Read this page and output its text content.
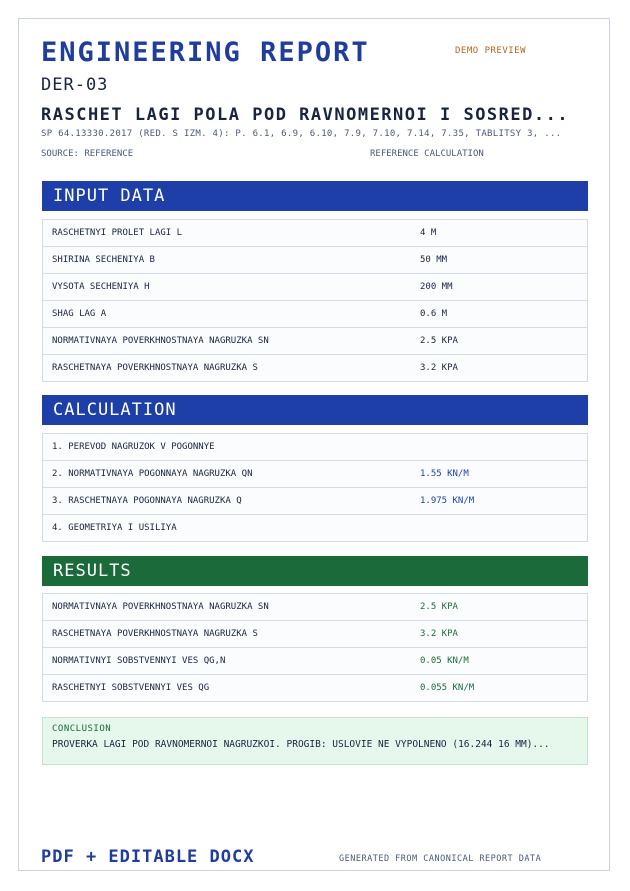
ENGINEERING REPORT	DEMO PREVIEW
DER-03
RASCHET LAGI POLA POD RAVNOMERNOI I SOSRED...
SP 64.13330.2017 (RED. S IZM. 4): P. 6.1, 6.9, 6.10, 7.9, 7.10, 7.14, 7.35, TABLITSY 3, ...
SOURCE: REFERENCE	REFERENCE CALCULATION
INPUT DATA
RASCHETNYI PROLET LAGI L	4 M
SHIRINA SECHENIYA B	50 MM
VYSOTA SECHENIYA H	200 MM
SHAG LAG A	0.6 M
NORMATIVNAYA POVERKHNOSTNAYA NAGRUZKA SN	2.5 KPA
RASCHETNAYA POVERKHNOSTNAYA NAGRUZKA S	3.2 KPA
CALCULATION
1. PEREVOD NAGRUZOK V POGONNYE
2. NORMATIVNAYA POGONNAYA NAGRUZKA QN	1.55 KN/M
3. RASCHETNAYA POGONNAYA NAGRUZKA Q	1.975 KN/M
4. GEOMETRIYA I USILIYA
RESULTS
NORMATIVNAYA POVERKHNOSTNAYA NAGRUZKA SN	2.5 KPA
RASCHETNAYA POVERKHNOSTNAYA NAGRUZKA S	3.2 KPA
NORMATIVNYI SOBSTVENNYI VES QG,N	0.05 KN/M
RASCHETNYI SOBSTVENNYI VES QG	0.055 KN/M
CONCLUSION
PROVERKA LAGI POD RAVNOMERNOI NAGRUZKOI. PROGIB: USLOVIE NE VYPOLNENO (16.244 16 MM)...
PDF + EDITABLE DOCX	GENERATED FROM CANONICAL REPORT DATA
